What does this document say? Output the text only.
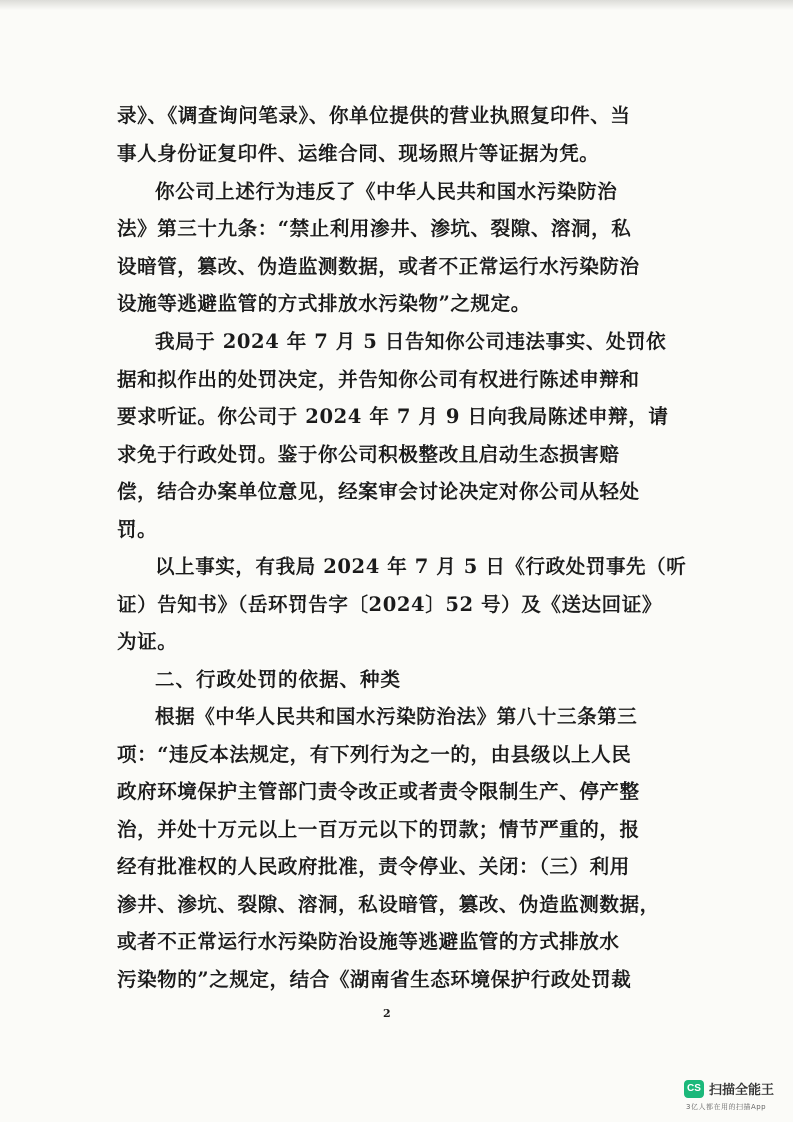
录》、《调查询问笔录》、你单位提供的营业执照复印件、当
事人身份证复印件、运维合同、现场照片等证据为凭。
你公司上述行为违反了《中华人民共和国水污染防治
法》第三十九条：“禁止利用渗井、渗坑、裂隙、溶洞，私
设暗管，篡改、伪造监测数据，或者不正常运行水污染防治
设施等逃避监管的方式排放水污染物”之规定。
我局于 2024 年 7 月 5 日告知你公司违法事实、处罚依
据和拟作出的处罚决定，并告知你公司有权进行陈述申辩和
要求听证。你公司于 2024 年 7 月 9 日向我局陈述申辩，请
求免于行政处罚。鉴于你公司积极整改且启动生态损害赔
偿，结合办案单位意见，经案审会讨论决定对你公司从轻处
罚。
以上事实，有我局 2024 年 7 月 5 日《行政处罚事先（听
证）告知书》（岳环罚告字〔2024〕52 号）及《送达回证》
为证。
二、行政处罚的依据、种类
根据《中华人民共和国水污染防治法》第八十三条第三
项：“违反本法规定，有下列行为之一的，由县级以上人民
政府环境保护主管部门责令改正或者责令限制生产、停产整
治，并处十万元以上一百万元以下的罚款；情节严重的，报
经有批准权的人民政府批准，责令停业、关闭：（三）利用
渗井、渗坑、裂隙、溶洞，私设暗管，篡改、伪造监测数据，
或者不正常运行水污染防治设施等逃避监管的方式排放水
污染物的”之规定，结合《湖南省生态环境保护行政处罚裁
2
CS 扫描全能王
3亿人都在用的扫描App
